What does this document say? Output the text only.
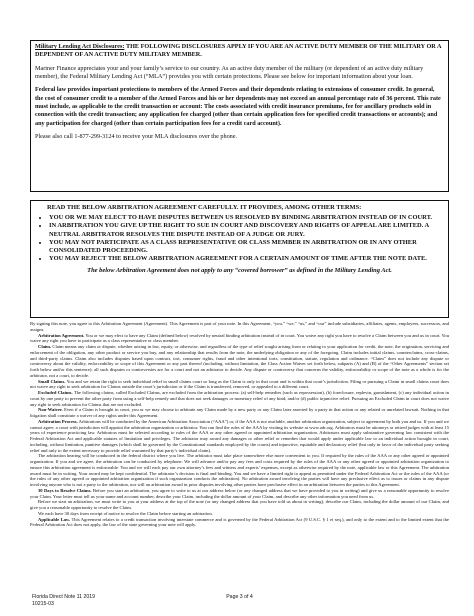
Military Lending Act Disclosures: THE FOLLOWING DISCLOSURES APPLY IF YOU ARE AN ACTIVE DUTY MEMBER OF THE MILITARY OR A DEPENDENT OF AN ACTIVE DUTY MILITARY MEMBER.

Mariner Finance appreciates your and your family’s service to our country. As an active duty member of the military (or dependent of an active duty military member), the Federal Military Lending Act (“MLA”) provides you with certain protections. Please see below for important information about your loan.

Federal law provides important protections to members of the Armed Forces and their dependents relating to extensions of consumer credit. In general, the cost of consumer credit to a member of the Armed Forces and his or her dependents may not exceed an annual percentage rate of 36 percent. This rate must include, as applicable to the credit transaction or account: The costs associated with credit insurance premiums, fee for ancillary products sold in connection with the credit transaction; any application fee charged (other than certain application fees for specified credit transactions or accounts); and any participation fee charged (other than certain participation fees for a credit card account).

Please also call 1-877-299-3124 to receive your MLA disclosures over the phone.

READ THE BELOW ARBITRATION AGREEMENT CAREFULLY. IT PROVIDES, AMONG OTHER TERMS:

• YOU OR WE MAY ELECT TO HAVE DISPUTES BETWEEN US RESOLVED BY BINDING ARBITRATION INSTEAD OF IN COURT.
• IN ARBITRATION YOU GIVE UP THE RIGHT TO SUE IN COURT AND DISCOVERY AND RIGHTS OF APPEAL ARE LIMITED. A NEUTRAL ARBITRATOR RESOLVES THE DISPUTE INSTEAD OF A JUDGE OR JURY.
• YOU MAY NOT PARTICIPATE AS A CLASS REPRESENTATIVE OR CLASS MEMBER IN ARBITRATION OR IN ANY OTHER CONSOLIDATED PROCEEDING.
• YOU MAY REJECT THE BELOW ARBITRATION AGREEMENT FOR A CERTAIN AMOUNT OF TIME AFTER THE NOTE DATE.

The below Arbitration Agreement does not apply to any “covered borrower” as defined in the Military Lending Act.

By signing this note, you agree to this Arbitration Agreement (Agreement). This Agreement is part of your note. In this Agreement, “you,” “we,” “us,” and “our” include subsidiaries, affiliates, agents, employees, successors, and assigns.

Arbitration Agreement. You or we may elect to have any Claim (defined below) resolved by neutral binding arbitration instead of in court. You waive any right you have to resolve a Claim between you and us in court. You waive any right you have to participate as a class representative or class member.

Claim. Claim means any claim or dispute, whether arising in law, equity, or otherwise, and regardless of the type of relief sought arising from or relating to your application for credit, the note, the origination, servicing and enforcement of the obligation, any other product or service you buy, and any relationship that results from the note, the underlying obligation or any of the foregoing. Claim includes initial claims, counterclaims, cross-claims, and third-party claims. Claim also includes disputes based upon contract, tort, consumer rights, fraud and other intentional torts, constitution, statute, regulation and ordinance. “Claim” does not include any dispute or controversy about the validity, enforceability or scope of this Agreement or any part thereof (including, without limitation, the Class Action Waiver set forth below, subparts (A) and (B) of the “Other Agreements” section set forth below and/or this sentence); all such disputes or controversies are for a court and not an arbitrator to decide. Any dispute or controversy that concerns the validity, enforceability or scope of the note as a whole is for the arbitrator, not a court, to decide.

Small Claims. You and we retain the right to seek individual relief in small claims court so long as the Claim is only in that court and is within that court’s jurisdiction. Filing or pursuing a Claim in small claims court does not waive any right to seek arbitration for Claims outside the court’s jurisdiction or if the Claim is transferred, removed, or appealed to a different court.

Excluded Claims. The following claims, called Excluded Claims, are excluded from the arbitration process: (a) self-help remedies (such as repossession), (b) foreclosure, replevin, garnishment, (c) any individual action in court by one party to prevent the other party from using a self-help remedy and that does not seek damages or monetary relief of any kind; and/or (d) public injunctive relief. Pursuing an Excluded Claim in court does not waive any right to seek arbitration for Claims that are not excluded.

Non-Waiver. Even if a Claim is brought in court, you or we may choose to arbitrate any Claim made by a new party or any Claim later asserted by a party in that action or any related or unrelated lawsuit. Nothing in that litigation shall constitute a waiver of any rights under this Agreement.

Arbitration Process. Arbitrations will be conducted by the American Arbitration Association (“AAA”) or, if the AAA is not available, another arbitration organization, subject to agreement by both you and us. If you and we cannot agree, a court with jurisdiction will appoint the arbitration organization or arbitrator. You can find the rules of the AAA by visiting its website at www.adr.org. Arbitrators must be attorneys or retired judges with at least 15 years of experience practicing law. Arbitrators must be selected according to rules of the AAA or any other agreed or appointed arbitration organization. Arbitrators must apply substantive governing law consistent with the Federal Arbitration Act and applicable statutes of limitation and privileges. The arbitrator may award any damages or other relief or remedies that would apply under applicable law to an individual action brought in court, including, without limitation, punitive damages (which shall be governed by the Constitutional standards employed by the courts) and injunctive, equitable and declaratory relief (but only in favor of the individual party seeking relief and only to the extent necessary to provide relief warranted by that party’s individual claim).

The arbitration hearing will be conducted in the federal district where you live. The arbitrator must take place somewhere else more convenient to you. If required by the rules of the AAA or any other agreed or appointed organization. If you and we agree, the arbitration can be conducted by telephone. We will advance and/or pay any fees and costs required by the rules of the AAA or any other agreed or appointed arbitration organization to ensure this arbitration agreement is enforceable. You and we will each pay our own attorney’s fees and witness and experts’ expenses, except as otherwise required by the note, applicable law or this Agreement. The arbitration award must be in writing. Your award may be kept confidential. The arbitrator’s decision is final and binding. You and we have a limited right to appeal as permitted under the Federal Arbitration Act or the rules of the AAA (or the rules of any other agreed or appointed arbitration organization if such organization conducts the arbitration). No arbitration award involving the parties will have any preclusive effect as to issues or claims in any dispute involving anyone who is not a party to the arbitration, nor will an arbitration award in prior disputes involving other parties have preclusive effect in an arbitration between the parties to this Agreement.

30 Days to Resolve Claims. Before you start an arbitration, you agree to write to us at our address below (or any changed address that we have provided to you in writing) and give us a reasonable opportunity to resolve your Claim. Your letter must tell us your name and account number, describe your Claim, including the dollar amount of your Claim, and describe any other information you need from us.

Before we start an arbitration, we must write to you at your address at the top of the note (or any changed address that you have told us about in writing), describe our Claim, including the dollar amount of our Claim, and give you a reasonable opportunity to resolve the Claim.

We each have 30 days from receipt of notice to resolve the Claim before starting an arbitration.

Applicable Law. This Agreement relates to a credit transaction involving interstate commerce and is governed by the Federal Arbitration Act (9 U.S.C. § 1 et seq.), and only to the extent and to the limited extent that the Federal Arbitration Act does not apply, the law of the state governing your note will apply.

Florida Direct Note 11 2019
10215-03
Page 3 of 4
